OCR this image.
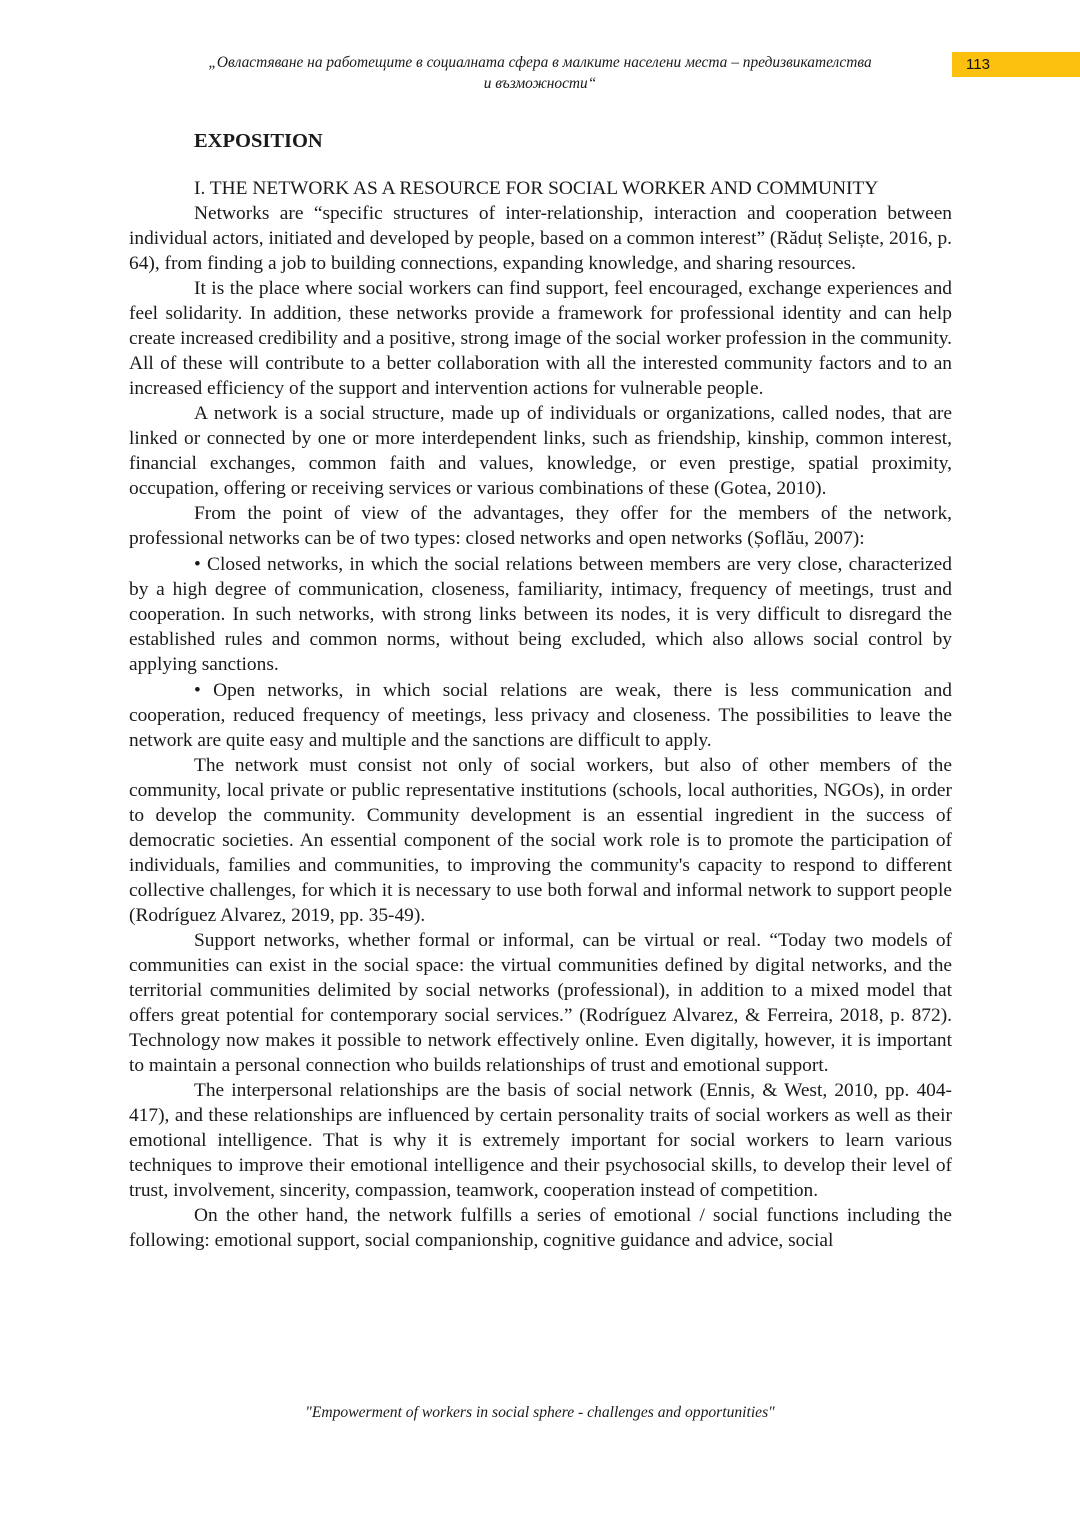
„Овластяване на работещите в социалната сфера в малките населени места – предизвикателства
и възможности“
113
EXPOSITION
I. THE NETWORK AS A RESOURCE FOR SOCIAL WORKER AND COMMUNITY

Networks are “specific structures of inter-relationship, interaction and cooperation between individual actors, initiated and developed by people, based on a common interest” (Răduț Seliște, 2016, p. 64), from finding a job to building connections, expanding knowledge, and sharing resources.

It is the place where social workers can find support, feel encouraged, exchange experiences and feel solidarity. In addition, these networks provide a framework for professional identity and can help create increased credibility and a positive, strong image of the social worker profession in the community. All of these will contribute to a better collaboration with all the interested community factors and to an increased efficiency of the support and intervention actions for vulnerable people.

A network is a social structure, made up of individuals or organizations, called nodes, that are linked or connected by one or more interdependent links, such as friendship, kinship, common interest, financial exchanges, common faith and values, knowledge, or even prestige, spatial proximity, occupation, offering or receiving services or various combinations of these (Gotea, 2010).

From the point of view of the advantages, they offer for the members of the network, professional networks can be of two types: closed networks and open networks (Șoflău, 2007):

• Closed networks, in which the social relations between members are very close, characterized by a high degree of communication, closeness, familiarity, intimacy, frequency of meetings, trust and cooperation. In such networks, with strong links between its nodes, it is very difficult to disregard the established rules and common norms, without being excluded, which also allows social control by applying sanctions.

• Open networks, in which social relations are weak, there is less communication and cooperation, reduced frequency of meetings, less privacy and closeness. The possibilities to leave the network are quite easy and multiple and the sanctions are difficult to apply.

The network must consist not only of social workers, but also of other members of the community, local private or public representative institutions (schools, local authorities, NGOs), in order to develop the community. Community development is an essential ingredient in the success of democratic societies. An essential component of the social work role is to promote the participation of individuals, families and communities, to improving the community's capacity to respond to different collective challenges, for which it is necessary to use both forwal and informal network to support people (Rodríguez Alvarez, 2019, pp. 35-49).

Support networks, whether formal or informal, can be virtual or real. “Today two models of communities can exist in the social space: the virtual communities defined by digital networks, and the territorial communities delimited by social networks (professional), in addition to a mixed model that offers great potential for contemporary social services.” (Rodríguez Alvarez, & Ferreira, 2018, p. 872). Technology now makes it possible to network effectively online. Even digitally, however, it is important to maintain a personal connection who builds relationships of trust and emotional support.

The interpersonal relationships are the basis of social network (Ennis, & West, 2010, pp. 404-417), and these relationships are influenced by certain personality traits of social workers as well as their emotional intelligence. That is why it is extremely important for social workers to learn various techniques to improve their emotional intelligence and their psychosocial skills, to develop their level of trust, involvement, sincerity, compassion, teamwork, cooperation instead of competition.

On the other hand, the network fulfills a series of emotional / social functions including the following: emotional support, social companionship, cognitive guidance and advice, social

"Empowerment of workers in social sphere - challenges and opportunities"
